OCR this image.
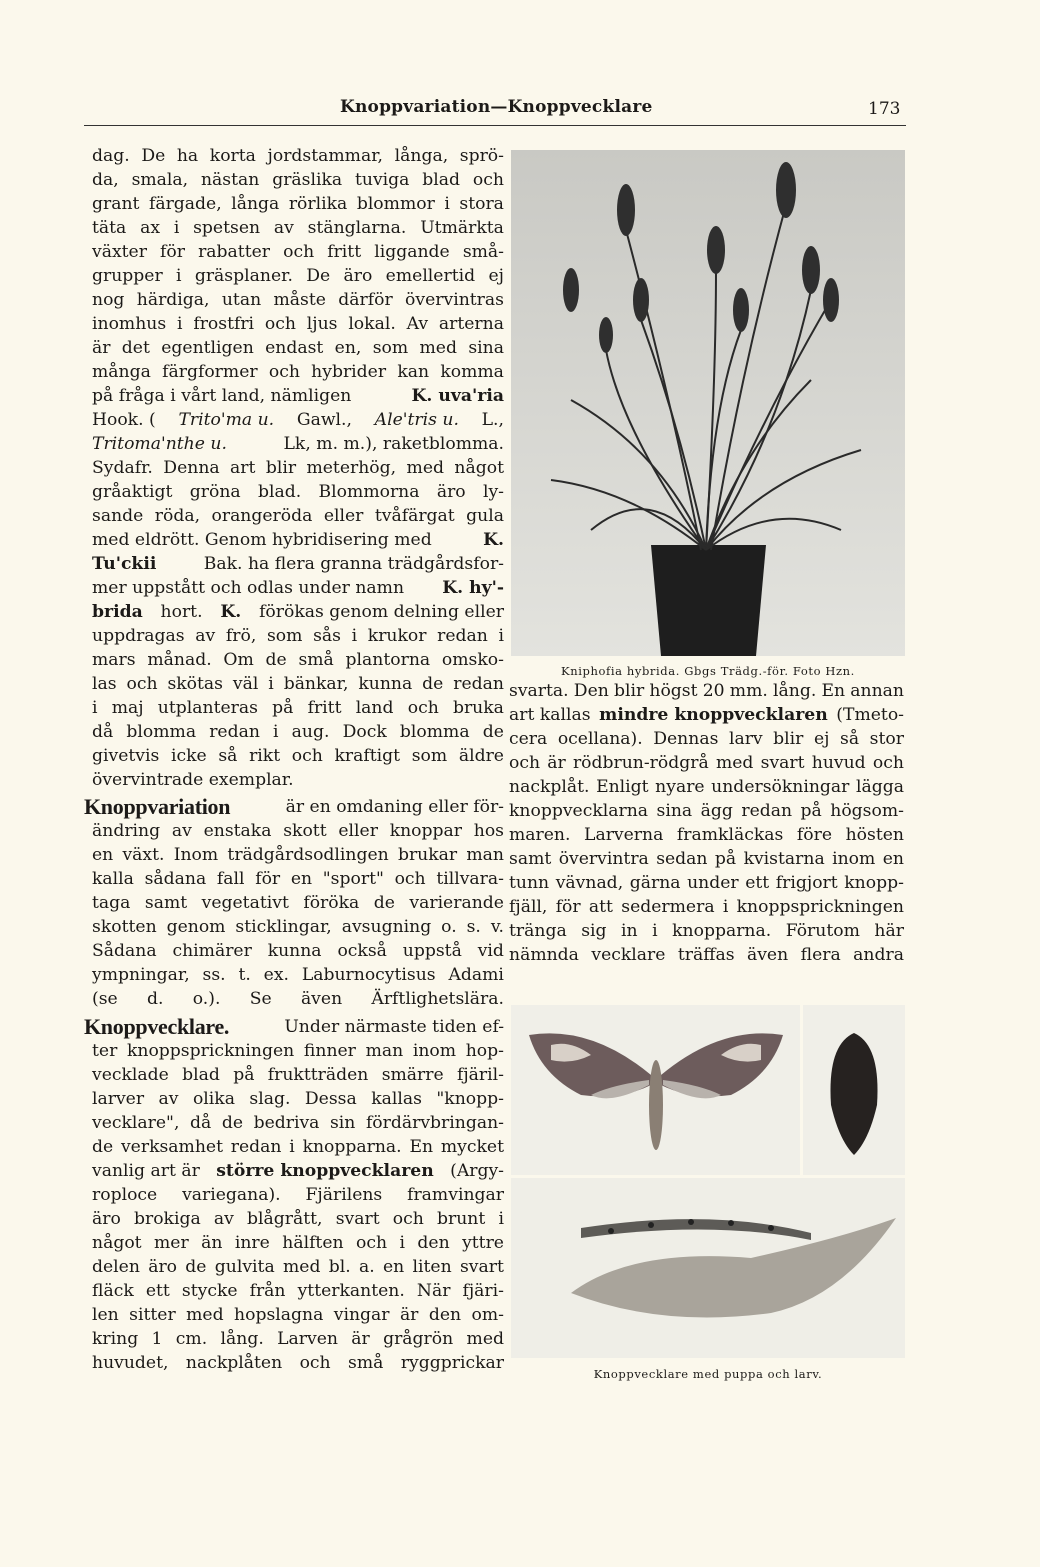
Knoppvariation—Knoppvecklare	173
dag. De ha korta jordstammar, långa, sprö-
da, smala, nästan gräslika tuviga blad och
grant färgade, långa rörlika blommor i stora
täta ax i spetsen av stänglarna. Utmärkta
växter för rabatter och fritt liggande små-
grupper i gräsplaner. De äro emellertid ej
nog härdiga, utan måste därför övervintras
inomhus i frostfri och ljus lokal. Av arterna
är det egentligen endast en, som med sina
många färgformer och hybrider kan komma
på fråga i vårt land, nämligen	K. uva'ria
Hook. ( Trito'ma u. Gawl., Ale'tris u. L.,
Tritoma'nthe u.	Lk, m. m.), raketblomma.
Sydafr. Denna art blir meterhög, med något
gråaktigt gröna blad. Blommorna äro ly-
sande röda, orangeröda eller tvåfärgat gula
med eldrött. Genom hybridisering med	K.
Tu'ckii	Bak. ha flera granna trädgårdsfor-
mer uppstått och odlas under namn K. hy'-
brida hort. K. förökas genom delning eller
uppdragas av frö, som sås i krukor redan i
mars månad. Om de små plantorna omsko-
las och skötas väl i bänkar, kunna de redan
i maj utplanteras på fritt land och bruka
då blomma redan i aug. Dock blomma de
givetvis icke så rikt och kraftigt som äldre
övervintrade exemplar.
Knoppvariation	är en omdaning eller för-
ändring av enstaka skott eller knoppar hos
en växt. Inom trädgårdsodlingen brukar man
kalla sådana fall för en "sport" och tillvara-
taga samt vegetativt föröka de varierande
skotten genom sticklingar, avsugning o. s. v.
Sådana chimärer kunna också uppstå vid
ympningar, ss. t. ex. Laburnocytisus Adami
(se d. o.). Se även Ärftlighetslära.
Knoppvecklare.	Under närmaste tiden ef-
ter knoppsprickningen finner man inom hop-
vecklade blad på fruktträden smärre fjäril-
larver av olika slag. Dessa kallas "knopp-
vecklare", då de bedriva sin fördärvbringan-
de verksamhet redan i knopparna. En mycket
vanlig art är större knoppvecklaren (Argy-
roploce variegana). Fjärilens framvingar
äro brokiga av blågrått, svart och brunt i
något mer än inre hälften och i den yttre
delen äro de gulvita med bl. a. en liten svart
fläck ett stycke från ytterkanten. När fjäri-
len sitter med hopslagna vingar är den om-
kring 1 cm. lång. Larven är grågrön med
huvudet, nackplåten och små ryggprickar
Kniphofia hybrida. Gbgs Trädg.-för. Foto Hzn.
svarta. Den blir högst 20 mm. lång. En annan
art kallas mindre knoppvecklaren (Tmeto-
cera ocellana). Dennas larv blir ej så stor
och är rödbrun-rödgrå med svart huvud och
nackplåt. Enligt nyare undersökningar lägga
knoppvecklarna sina ägg redan på högsom-
maren. Larverna framkläckas före hösten
samt övervintra sedan på kvistarna inom en
tunn vävnad, gärna under ett frigjort knopp-
fjäll, för att sedermera i knoppsprickningen
tränga sig in i knopparna. Förutom här
nämnda vecklare träffas även flera andra
Knoppvecklare med puppa och larv.
